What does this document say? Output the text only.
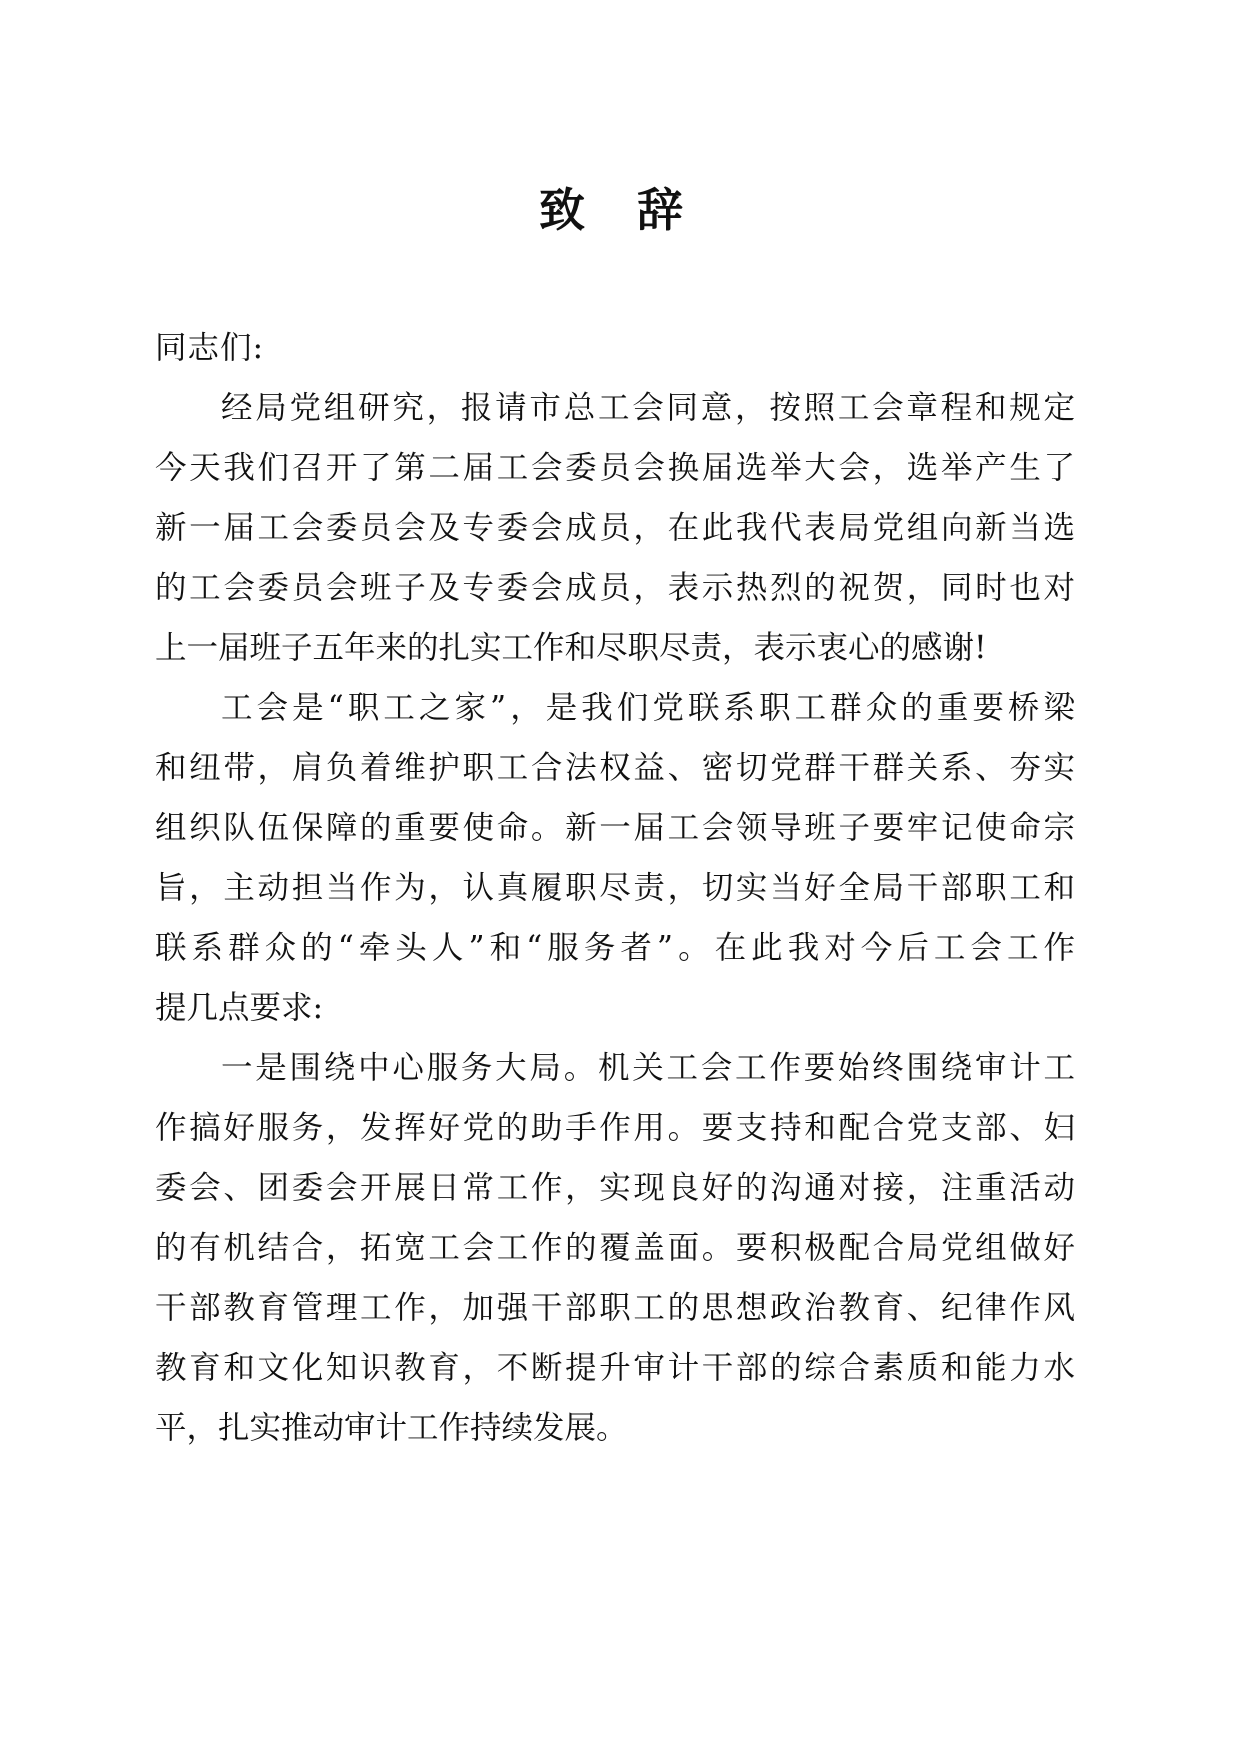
致 辞

同志们:

经局党组研究，报请市总工会同意，按照工会章程和规定
今天我们召开了第二届工会委员会换届选举大会，选举产生了
新一届工会委员会及专委会成员，在此我代表局党组向新当选
的工会委员会班子及专委会成员，表示热烈的祝贺，同时也对
上一届班子五年来的扎实工作和尽职尽责，表示衷心的感谢!
工会是“职工之家”，是我们党联系职工群众的重要桥梁
和纽带，肩负着维护职工合法权益、密切党群干群关系、夯实
组织队伍保障的重要使命。新一届工会领导班子要牢记使命宗
旨，主动担当作为，认真履职尽责，切实当好全局干部职工和
联系群众的“牵头人”和“服务者”。在此我对今后工会工作
提几点要求:
一是围绕中心服务大局。机关工会工作要始终围绕审计工
作搞好服务，发挥好党的助手作用。要支持和配合党支部、妇
委会、团委会开展日常工作，实现良好的沟通对接，注重活动
的有机结合，拓宽工会工作的覆盖面。要积极配合局党组做好
干部教育管理工作，加强干部职工的思想政治教育、纪律作风
教育和文化知识教育，不断提升审计干部的综合素质和能力水
平，扎实推动审计工作持续发展。
